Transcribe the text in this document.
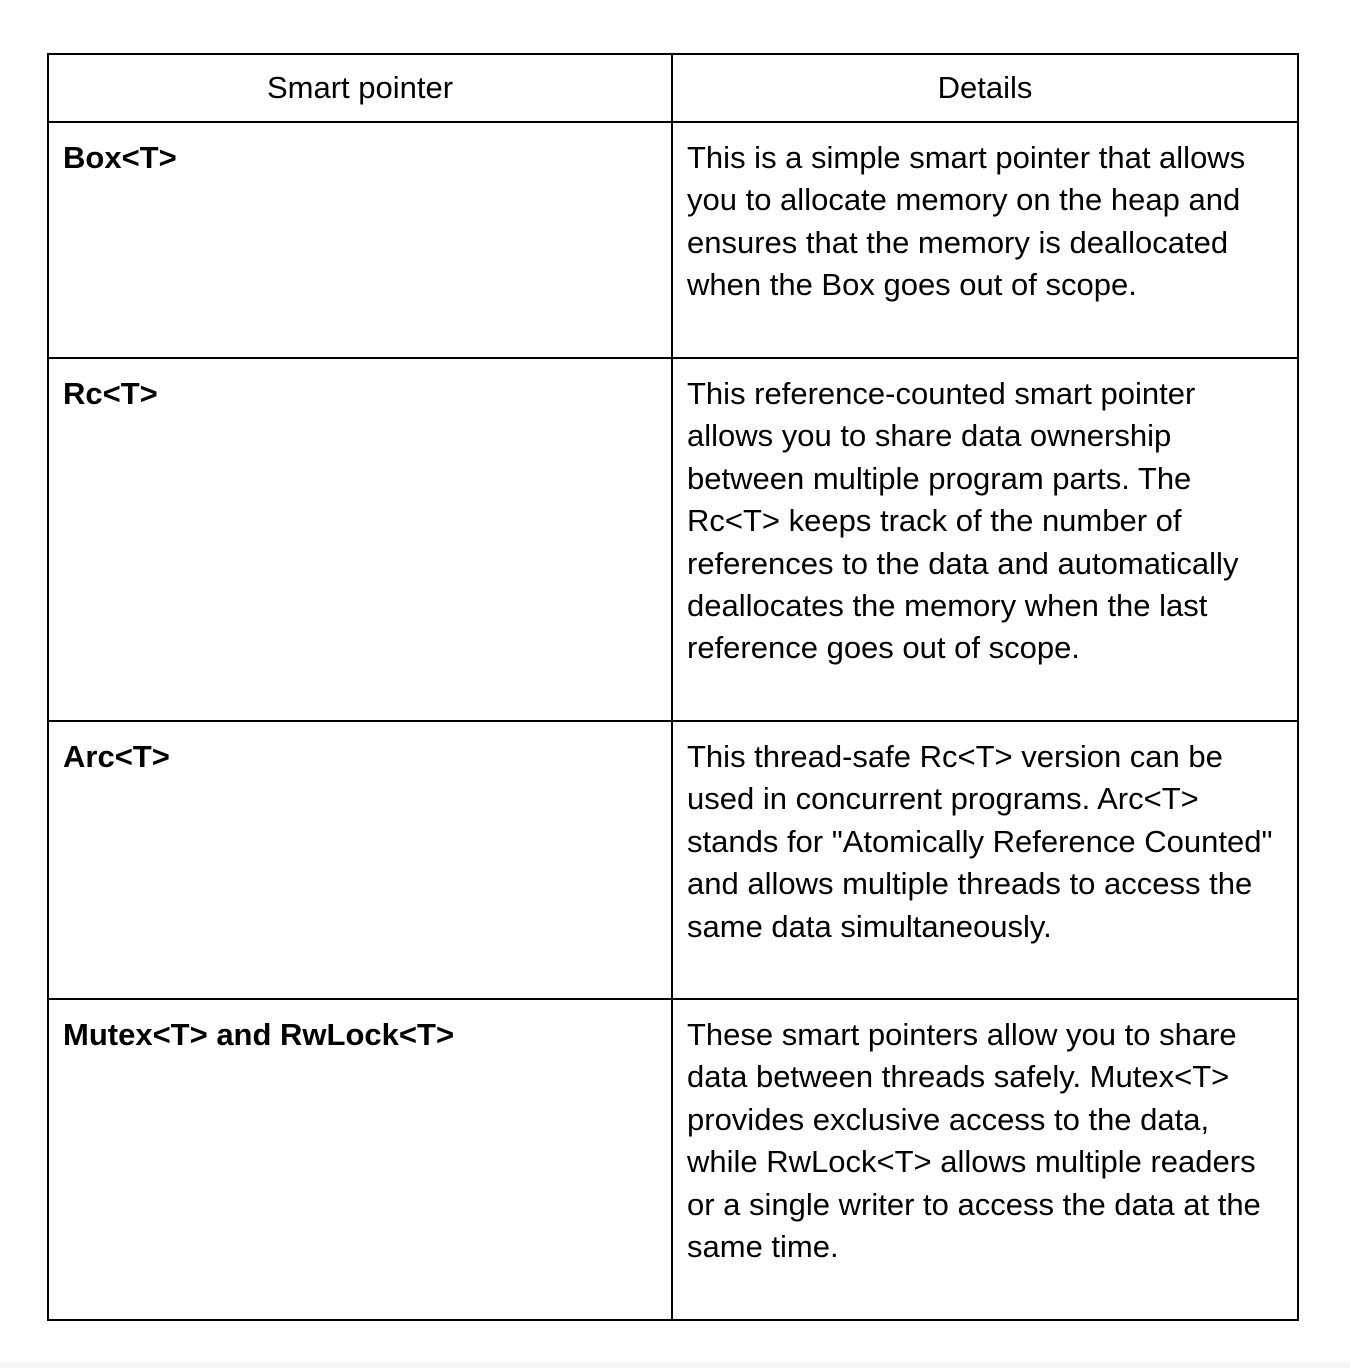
Smart pointer	Details
Box<T>	This is a simple smart pointer that allows you to allocate memory on the heap and ensures that the memory is deallocated when the Box goes out of scope.
Rc<T>	This reference-counted smart pointer allows you to share data ownership between multiple program parts. The Rc<T> keeps track of the number of references to the data and automatically deallocates the memory when the last reference goes out of scope.
Arc<T>	This thread-safe Rc<T> version can be used in concurrent programs. Arc<T> stands for "Atomically Reference Counted" and allows multiple threads to access the same data simultaneously.
Mutex<T> and RwLock<T>	These smart pointers allow you to share data between threads safely. Mutex<T> provides exclusive access to the data, while RwLock<T> allows multiple readers or a single writer to access the data at the same time.
